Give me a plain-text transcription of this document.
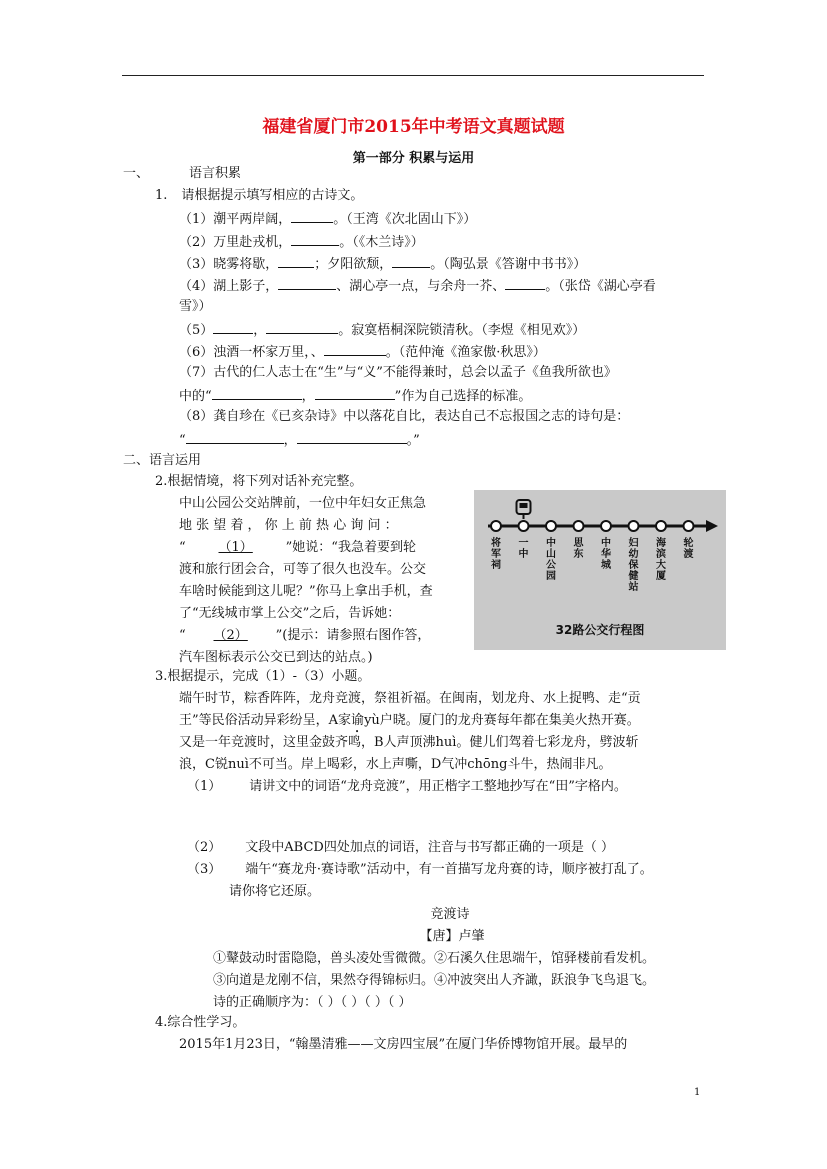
福建省厦门市2015年中考语文真题试题
第一部分 积累与运用
一、	语言积累
1. 请根据提示填写相应的古诗文。
（1）潮平两岸阔，	。（王湾《次北固山下》）
（2）万里赴戎机，	。（《木兰诗》）
（3）晓雾将歇，	；夕阳欲颓，	。（陶弘景《答谢中书书》）
（4）湖上影子，	、湖心亭一点，与余舟一芥、	。（张岱《湖心亭看
雪》）
（5）	，	。寂寞梧桐深院锁清秋。（李煜《相见欢》）
（6）浊酒一杯家万里，、	。（范仲淹《渔家傲·秋思》）
（7）古代的仁人志士在“生”与“义”不能得兼时，总会以孟子《鱼我所欲也》
中的“	，	”作为自己选择的标准。
（8）龚自珍在《已亥杂诗》中以落花自比，表达自己不忘报国之志的诗句是：
“	，	。”
二、语言运用
2.根据情境，将下列对话补充完整。
中山公园公交站牌前，一位中年妇女正焦急
地 张 望 着 ， 你 上 前 热 心 询 问 ：
“	（1）	”她说：“我急着要到轮
渡和旅行团会合，可等了很久也没车。公交
车啥时候能到这儿呢？”你马上拿出手机，查
了“无线城市掌上公交”之后，告诉她：
“ （2） ”(提示：请参照右图作答，
汽车图标表示公交已到达的站点。)
将军祠
一中
中山公园
思东
中华城
妇幼保健站
海滨大厦
轮渡
32路公交行程图
3.根据提示，完成（1）-（3）小题。
端午时节，粽香阵阵，龙舟竞渡，祭祖祈福。在闽南，划龙舟、水上捉鸭、走“贡
王”等民俗活动异彩纷呈，A家谕yù户晓。厦门的龙舟赛每年都在集美火热开赛。
又是一年竞渡时，这里金鼓齐鸣，B人声顶沸huì。健儿们驾着七彩龙舟，劈波斩
浪，C锐nuì不可当。岸上喝彩，水上声嘶，D气冲chōng斗牛，热闹非凡。
（1） 请讲文中的词语“龙舟竞渡”，用正楷字工整地抄写在“田”字格内。
（2） 文段中ABCD四处加点的词语，注音与书写都正确的一项是（ ）
（3） 端午“赛龙舟·赛诗歌”活动中，有一首描写龙舟赛的诗，顺序被打乱了。
请你将它还原。
竞渡诗
【唐】卢肇
①鼙鼓动时雷隐隐，兽头凌处雪微微。②石溪久住思端午，馆驿楼前看发机。
③向道是龙刚不信，果然夺得锦标归。④冲波突出人齐譀，跃浪争飞鸟退飞。
诗的正确顺序为：（ ）（ ）（ ）（ ）
4.综合性学习。
2015年1月23日，“翰墨清雅——文房四宝展”在厦门华侨博物馆开展。最早的
1
